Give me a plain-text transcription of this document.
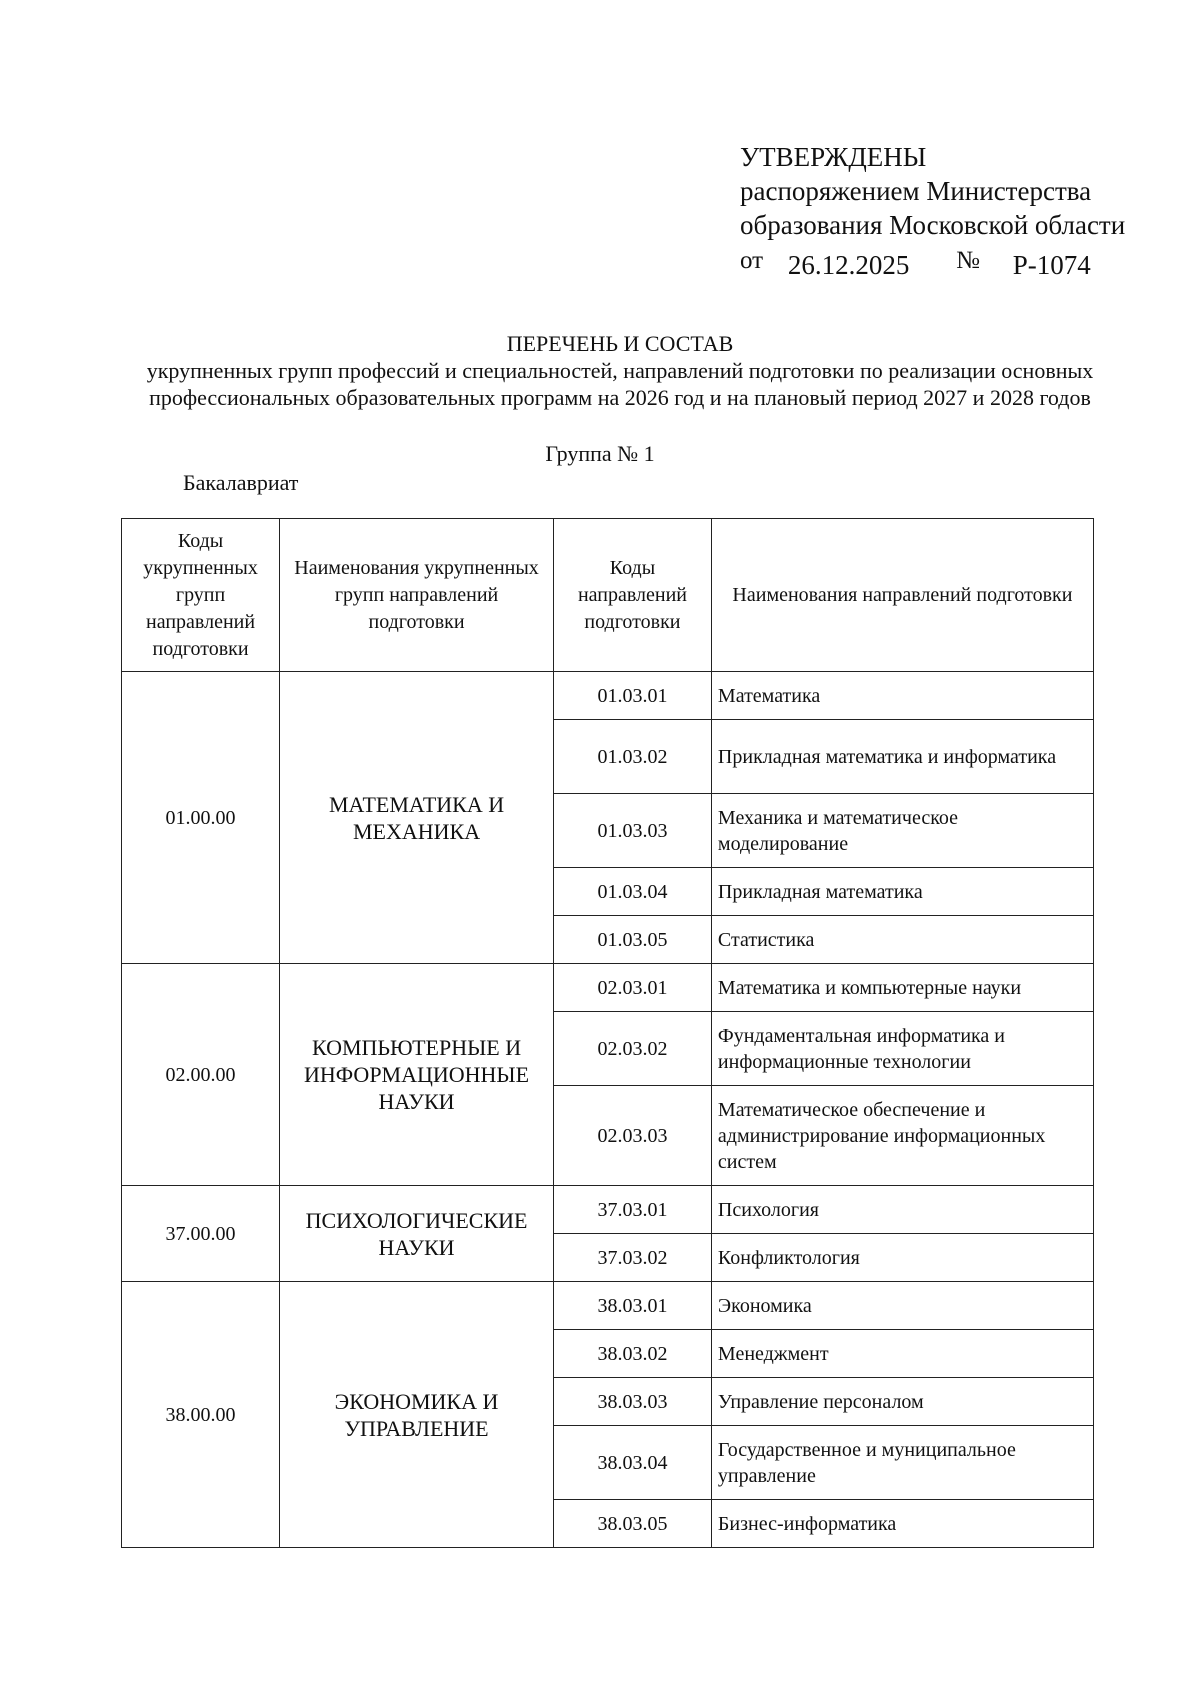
УТВЕРЖДЕНЫ
распоряжением Министерства
образования Московской области
от 26.12.2025 № Р-1074
ПЕРЕЧЕНЬ И СОСТАВ
укрупненных групп профессий и специальностей, направлений подготовки по реализации основных
профессиональных образовательных программ на 2026 год и на плановый период 2027 и 2028 годов
Группа № 1
Бакалавриат
Коды укрупненных групп направлений подготовки	Наименования укрупненных групп направлений подготовки	Коды направлений подготовки	Наименования направлений подготовки
01.00.00	МАТЕМАТИКА И МЕХАНИКА	01.03.01	Математика
		01.03.02	Прикладная математика и информатика
		01.03.03	Механика и математическое моделирование
		01.03.04	Прикладная математика
		01.03.05	Статистика
02.00.00	КОМПЬЮТЕРНЫЕ И ИНФОРМАЦИОННЫЕ НАУКИ	02.03.01	Математика и компьютерные науки
		02.03.02	Фундаментальная информатика и информационные технологии
		02.03.03	Математическое обеспечение и администрирование информационных систем
37.00.00	ПСИХОЛОГИЧЕСКИЕ НАУКИ	37.03.01	Психология
		37.03.02	Конфликтология
38.00.00	ЭКОНОМИКА И УПРАВЛЕНИЕ	38.03.01	Экономика
		38.03.02	Менеджмент
		38.03.03	Управление персоналом
		38.03.04	Государственное и муниципальное управление
		38.03.05	Бизнес-информатика
